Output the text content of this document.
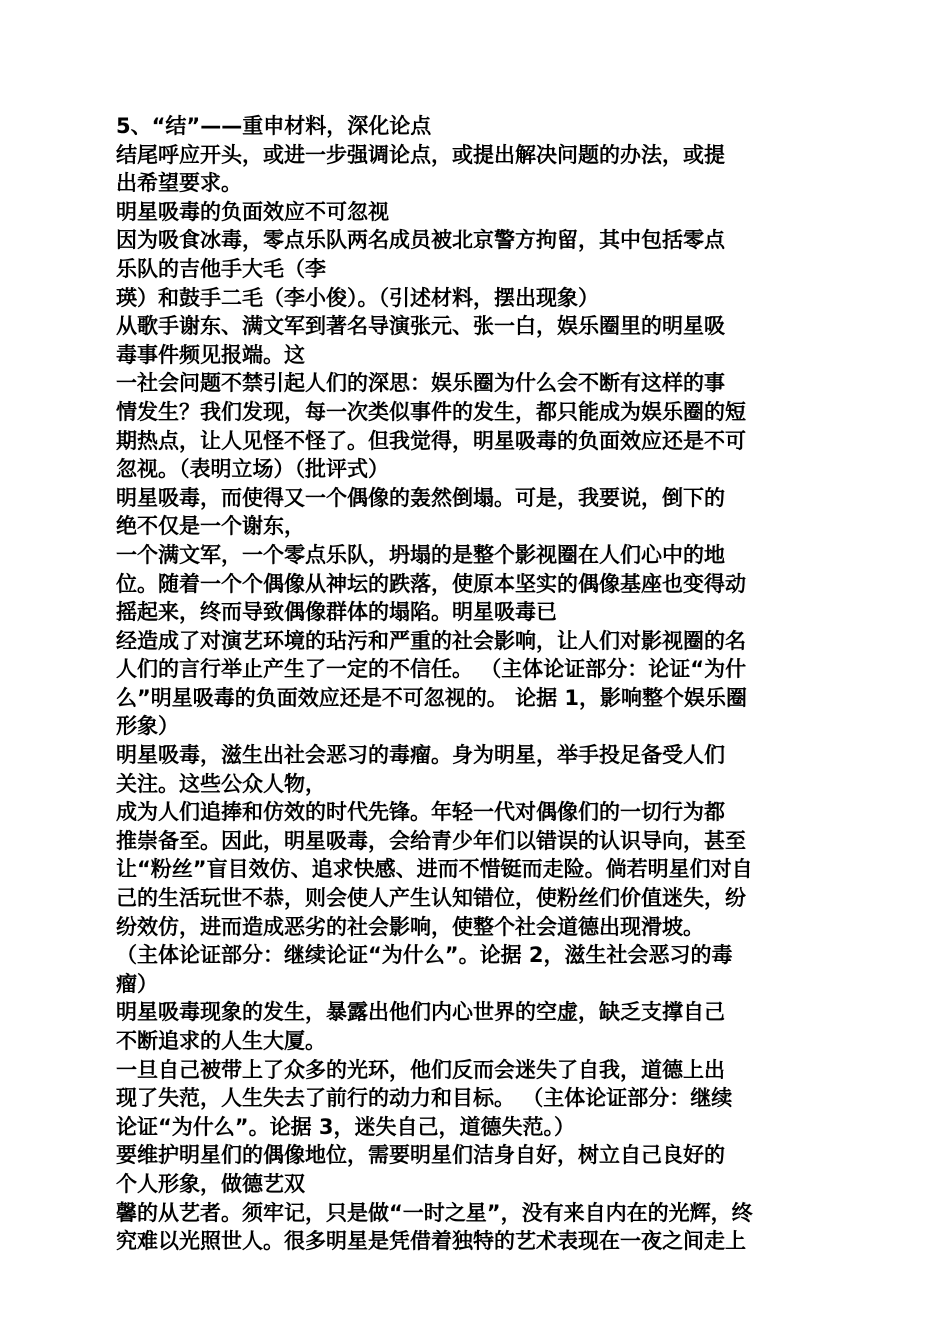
5、“结”——重申材料，深化论点
结尾呼应开头，或进一步强调论点，或提出解决问题的办法，或提
出希望要求。
明星吸毒的负面效应不可忽视
因为吸食冰毒，零点乐队两名成员被北京警方拘留，其中包括零点
乐队的吉他手大毛（李
瑛）和鼓手二毛（李小俊）。（引述材料，摆出现象）
从歌手谢东、满文军到著名导演张元、张一白，娱乐圈里的明星吸
毒事件频见报端。这
一社会问题不禁引起人们的深思：娱乐圈为什么会不断有这样的事
情发生？我们发现，每一次类似事件的发生，都只能成为娱乐圈的短
期热点，让人见怪不怪了。但我觉得，明星吸毒的负面效应还是不可
忽视。（表明立场）（批评式）
明星吸毒，而使得又一个偶像的轰然倒塌。可是，我要说，倒下的
绝不仅是一个谢东，
一个满文军，一个零点乐队，坍塌的是整个影视圈在人们心中的地
位。随着一个个偶像从神坛的跌落，使原本坚实的偶像基座也变得动
摇起来，终而导致偶像群体的塌陷。明星吸毒已
经造成了对演艺环境的玷污和严重的社会影响，让人们对影视圈的名
人们的言行举止产生了一定的不信任。 （主体论证部分：论证“为什
么”明星吸毒的负面效应还是不可忽视的。 论据 1，影响整个娱乐圈
形象）
明星吸毒，滋生出社会恶习的毒瘤。身为明星，举手投足备受人们
关注。这些公众人物，
成为人们追捧和仿效的时代先锋。年轻一代对偶像们的一切行为都
推崇备至。因此，明星吸毒，会给青少年们以错误的认识导向，甚至
让“粉丝”盲目效仿、追求快感、进而不惜铤而走险。倘若明星们对自
己的生活玩世不恭，则会使人产生认知错位，使粉丝们价值迷失，纷
纷效仿，进而造成恶劣的社会影响，使整个社会道德出现滑坡。
（主体论证部分：继续论证“为什么”。论据 2，滋生社会恶习的毒
瘤）
明星吸毒现象的发生，暴露出他们内心世界的空虚，缺乏支撑自己
不断追求的人生大厦。
一旦自己被带上了众多的光环，他们反而会迷失了自我，道德上出
现了失范，人生失去了前行的动力和目标。 （主体论证部分：继续
论证“为什么”。论据 3，迷失自己，道德失范。）
要维护明星们的偶像地位，需要明星们洁身自好，树立自己良好的
个人形象，做德艺双
馨的从艺者。须牢记，只是做“一时之星”，没有来自内在的光辉，终
究难以光照世人。很多明星是凭借着独特的艺术表现在一夜之间走上
